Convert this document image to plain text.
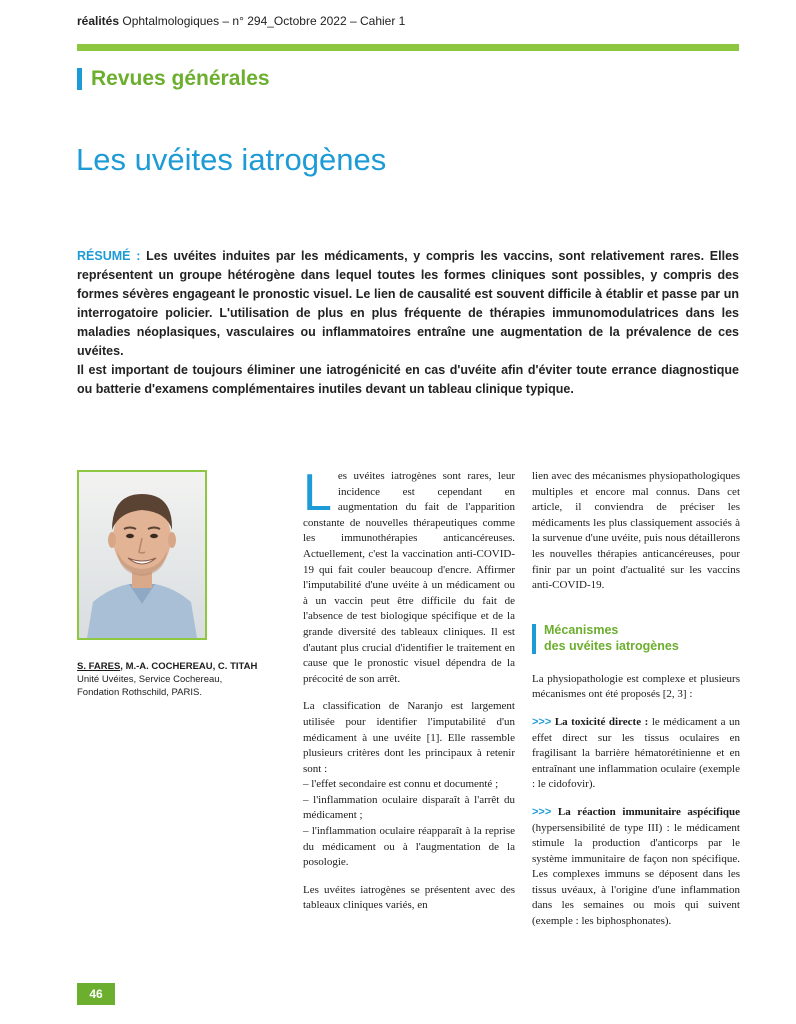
réalités Ophtalmologiques – n° 294_Octobre 2022 – Cahier 1
Revues générales
Les uvéites iatrogènes

RÉSUMÉ : Les uvéites induites par les médicaments, y compris les vaccins, sont relativement rares. Elles représentent un groupe hétérogène dans lequel toutes les formes cliniques sont possibles, y compris des formes sévères engageant le pronostic visuel. Le lien de causalité est souvent difficile à établir et passe par un interrogatoire policier. L'utilisation de plus en plus fréquente de thérapies immunomodulatrices dans les maladies néoplasiques, vasculaires ou inflammatoires entraîne une augmentation de la prévalence de ces uvéites.

Il est important de toujours éliminer une iatrogénicité en cas d'uvéite afin d'éviter toute errance diagnostique ou batterie d'examens complémentaires inutiles devant un tableau clinique typique.

S. FARES, M.-A. COCHEREAU, C. TITAH
Unité Uvéites, Service Cochereau,
Fondation Rothschild, PARIS.

Les uvéites iatrogènes sont rares, leur incidence est cependant en augmentation du fait de l'apparition constante de nouvelles thérapeutiques comme les immunothérapies anticancéreuses. Actuellement, c'est la vaccination anti-COVID-19 qui fait couler beaucoup d'encre. Affirmer l'imputabilité d'une uvéite à un médicament ou à un vaccin peut être difficile du fait de l'absence de test biologique spécifique et de la grande diversité des tableaux cliniques. Il est d'autant plus crucial d'identifier le traitement en cause que le pronostic visuel dépendra de la précocité de son arrêt.

La classification de Naranjo est largement utilisée pour identifier l'imputabilité d'un médicament à une uvéite [1]. Elle rassemble plusieurs critères dont les principaux à retenir sont :

– l'effet secondaire est connu et documenté ;
– l'inflammation oculaire disparaît à l'arrêt du médicament ;
– l'inflammation oculaire réapparaît à la reprise du médicament ou à l'augmentation de la posologie.

Les uvéites iatrogènes se présentent avec des tableaux cliniques variés, en

lien avec des mécanismes physiopathologiques multiples et encore mal connus. Dans cet article, il conviendra de préciser les médicaments les plus classiquement associés à la survenue d'une uvéite, puis nous détaillerons les nouvelles thérapies anticancéreuses, pour finir par un point d'actualité sur les vaccins anti-COVID-19.

Mécanismes
des uvéites iatrogènes

La physiopathologie est complexe et plusieurs mécanismes ont été proposés [2, 3] :

>>> La toxicité directe : le médicament a un effet direct sur les tissus oculaires en fragilisant la barrière hématorétinienne et en entraînant une inflammation oculaire (exemple : le cidofovir).

>>> La réaction immunitaire aspécifique (hypersensibilité de type III) : le médicament stimule la production d'anticorps par le système immunitaire de façon non spécifique. Les complexes immuns se déposent dans les tissus uvéaux, à l'origine d'une inflammation dans les semaines ou mois qui suivent (exemple : les biphosphonates).

46
